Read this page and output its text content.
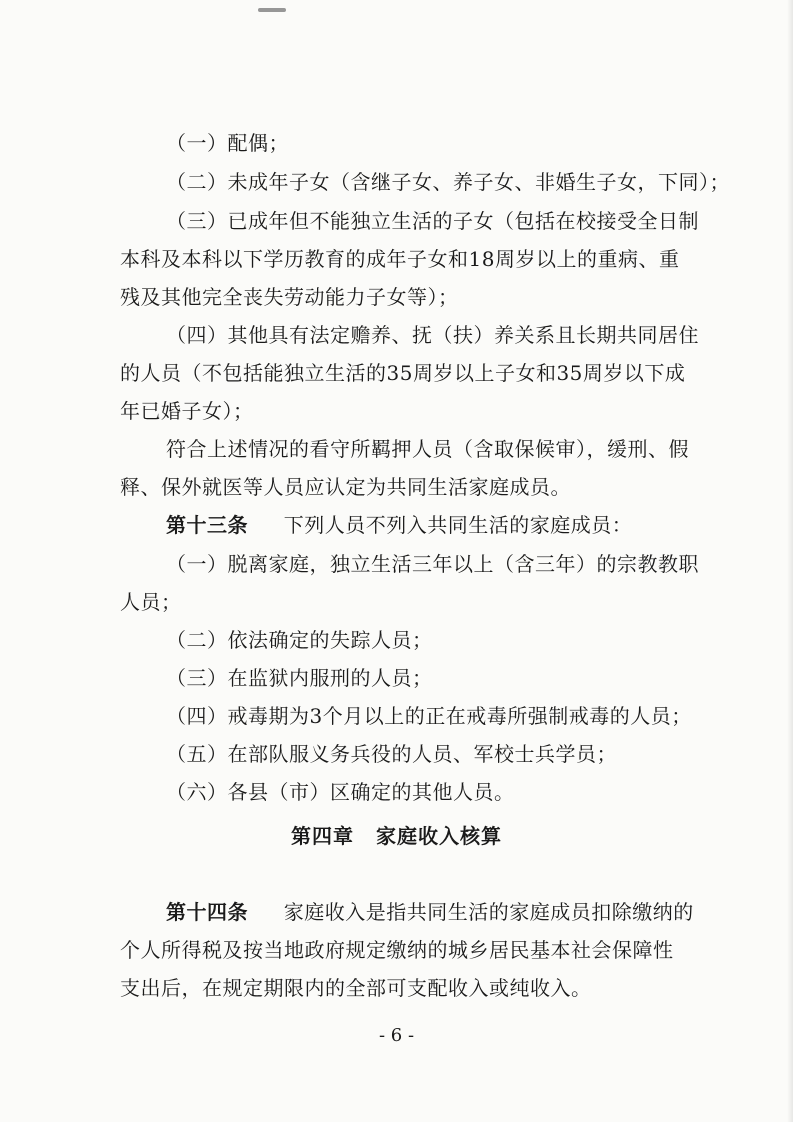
（一）配偶；

（二）未成年子女（含继子女、养子女、非婚生子女，下同）；

（三）已成年但不能独立生活的子女（包括在校接受全日制

本科及本科以下学历教育的成年子女和18周岁以上的重病、重

残及其他完全丧失劳动能力子女等）；

（四）其他具有法定赡养、抚（扶）养关系且长期共同居住

的人员（不包括能独立生活的35周岁以上子女和35周岁以下成

年已婚子女）；

符合上述情况的看守所羁押人员（含取保候审），缓刑、假

释、保外就医等人员应认定为共同生活家庭成员。

第十三条 下列人员不列入共同生活的家庭成员：

（一）脱离家庭，独立生活三年以上（含三年）的宗教教职

人员；

（二）依法确定的失踪人员；

（三）在监狱内服刑的人员；

（四）戒毒期为3个月以上的正在戒毒所强制戒毒的人员；

（五）在部队服义务兵役的人员、军校士兵学员；

（六）各县（市）区确定的其他人员。

第四章 家庭收入核算

第十四条 家庭收入是指共同生活的家庭成员扣除缴纳的

个人所得税及按当地政府规定缴纳的城乡居民基本社会保障性

支出后，在规定期限内的全部可支配收入或纯收入。

- 6 -
